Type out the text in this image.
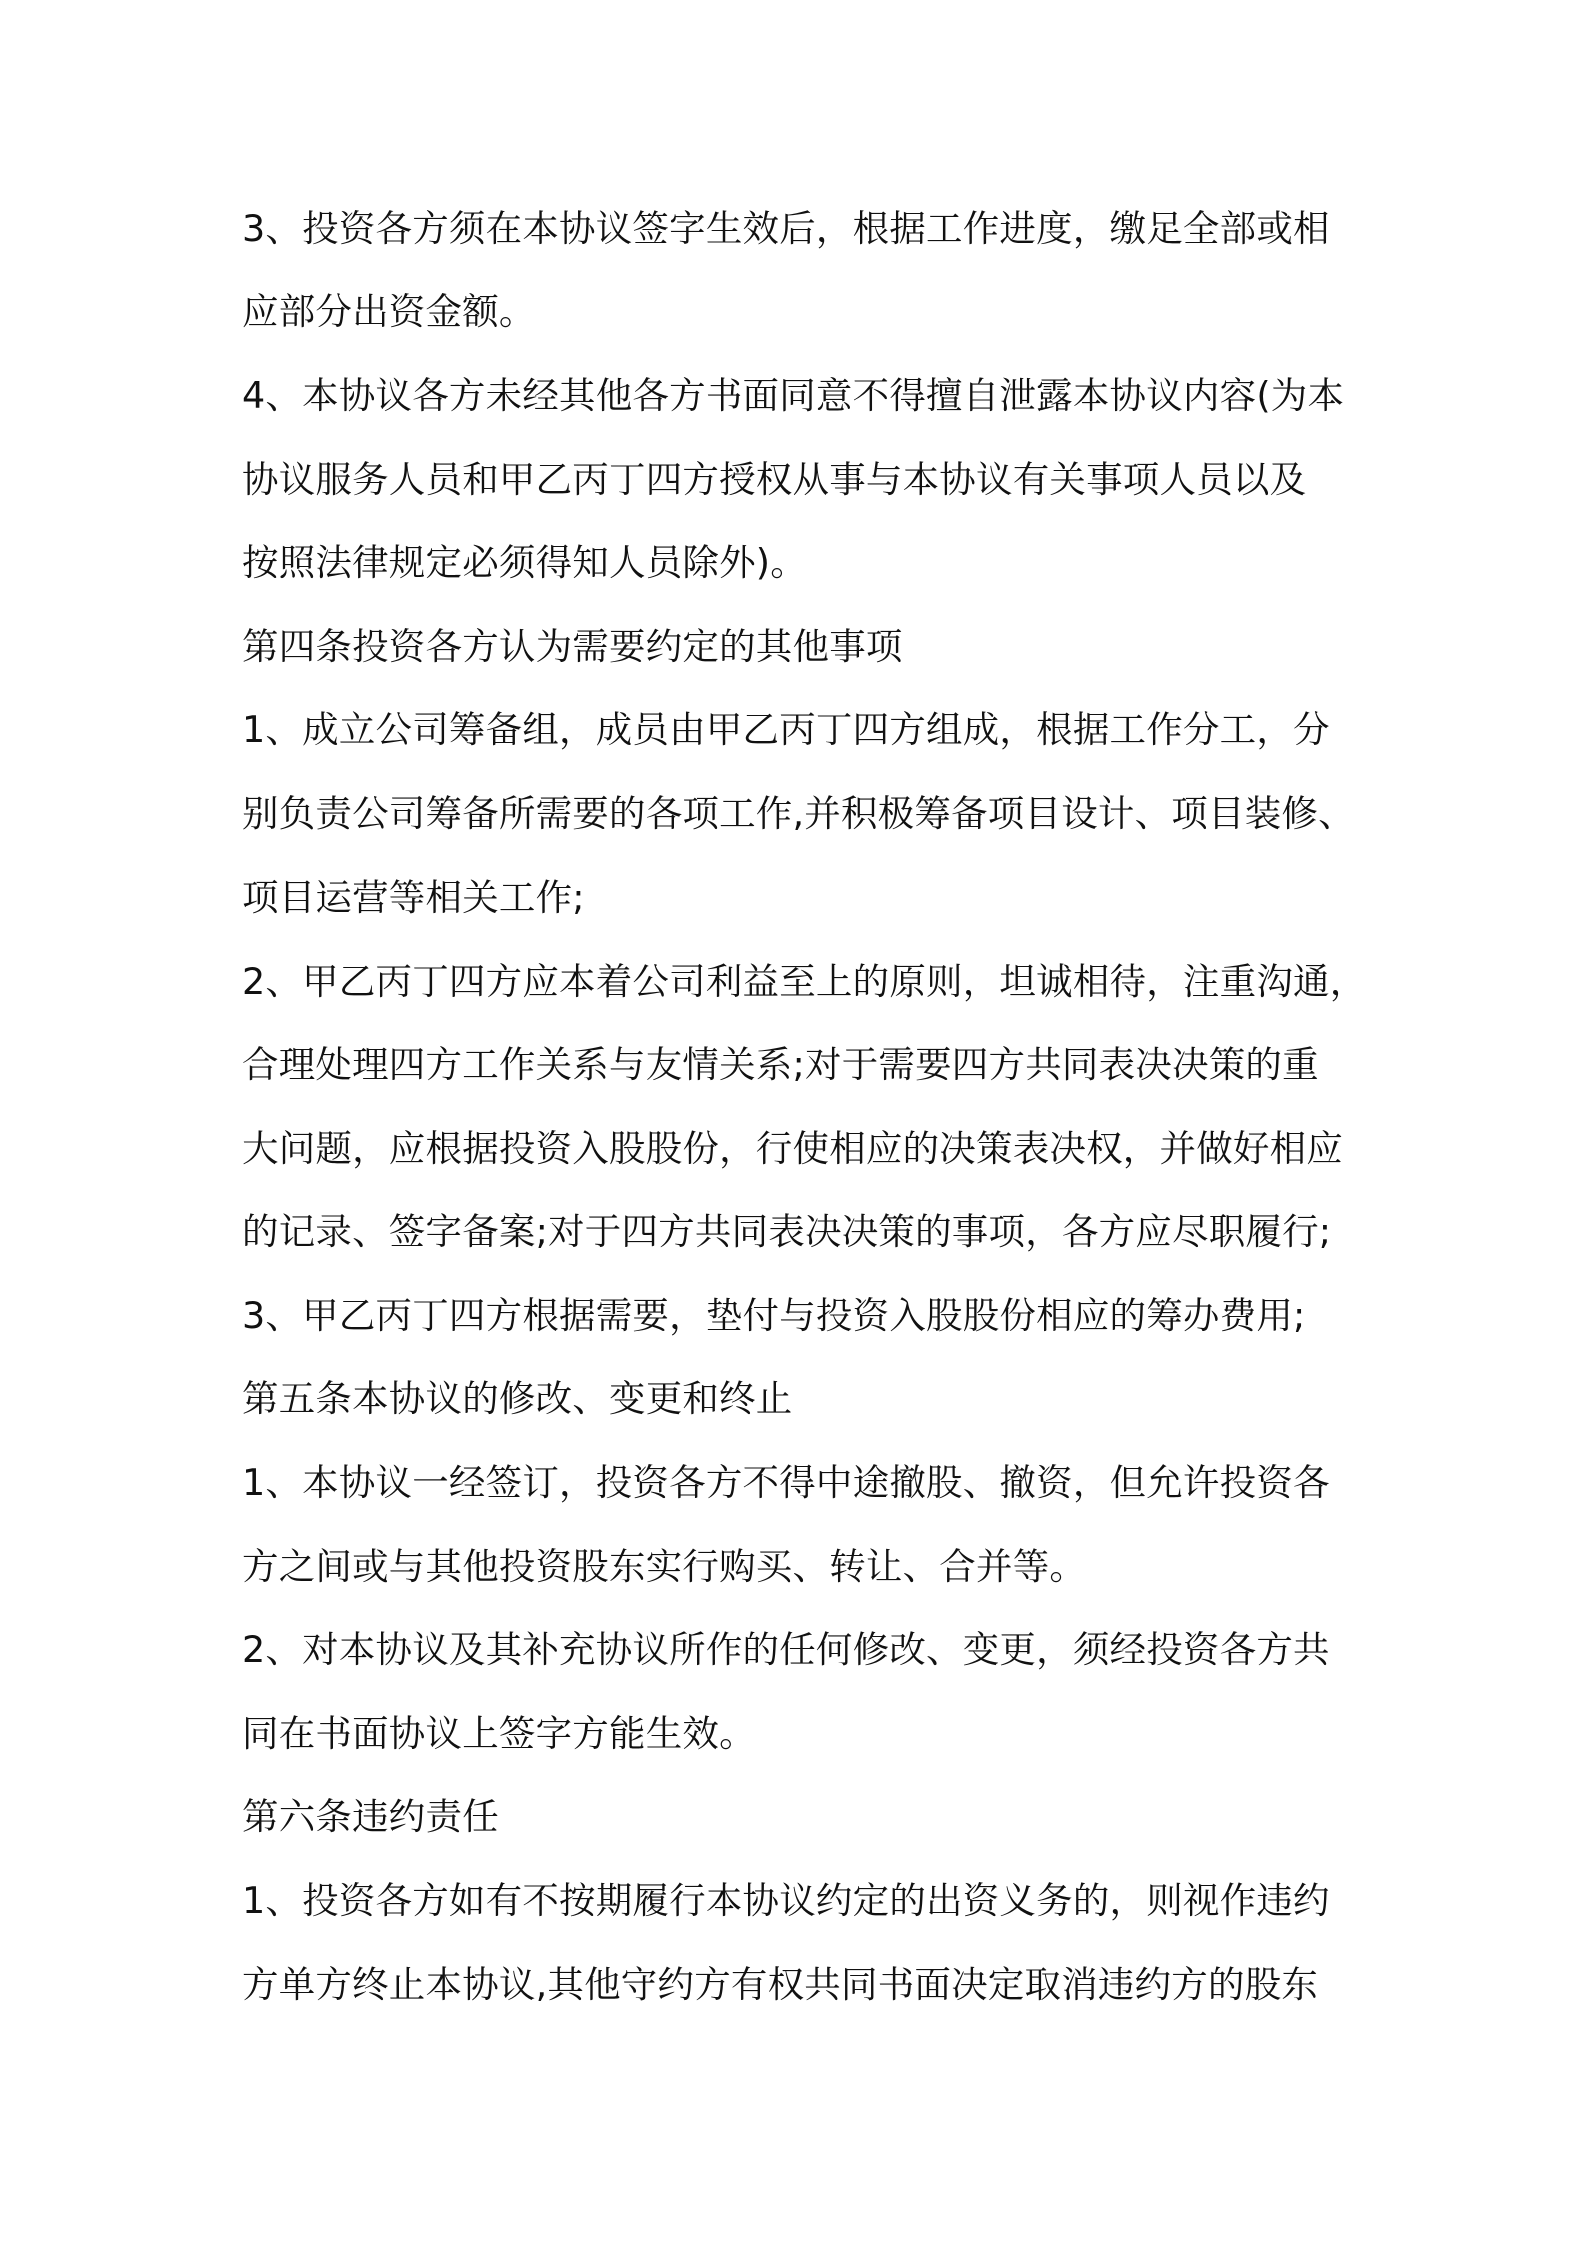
3、投资各方须在本协议签字生效后，根据工作进度，缴足全部或相
应部分出资金额。
4、本协议各方未经其他各方书面同意不得擅自泄露本协议内容(为本
协议服务人员和甲乙丙丁四方授权从事与本协议有关事项人员以及
按照法律规定必须得知人员除外)。
第四条投资各方认为需要约定的其他事项
1、成立公司筹备组，成员由甲乙丙丁四方组成，根据工作分工，分
别负责公司筹备所需要的各项工作,并积极筹备项目设计、项目装修、
项目运营等相关工作;
2、甲乙丙丁四方应本着公司利益至上的原则，坦诚相待，注重沟通，
合理处理四方工作关系与友情关系;对于需要四方共同表决决策的重
大问题，应根据投资入股股份，行使相应的决策表决权，并做好相应
的记录、签字备案;对于四方共同表决决策的事项，各方应尽职履行;
3、甲乙丙丁四方根据需要，垫付与投资入股股份相应的筹办费用;
第五条本协议的修改、变更和终止
1、本协议一经签订，投资各方不得中途撤股、撤资，但允许投资各
方之间或与其他投资股东实行购买、转让、合并等。
2、对本协议及其补充协议所作的任何修改、变更，须经投资各方共
同在书面协议上签字方能生效。
第六条违约责任
1、投资各方如有不按期履行本协议约定的出资义务的，则视作违约
方单方终止本协议,其他守约方有权共同书面决定取消违约方的股东
